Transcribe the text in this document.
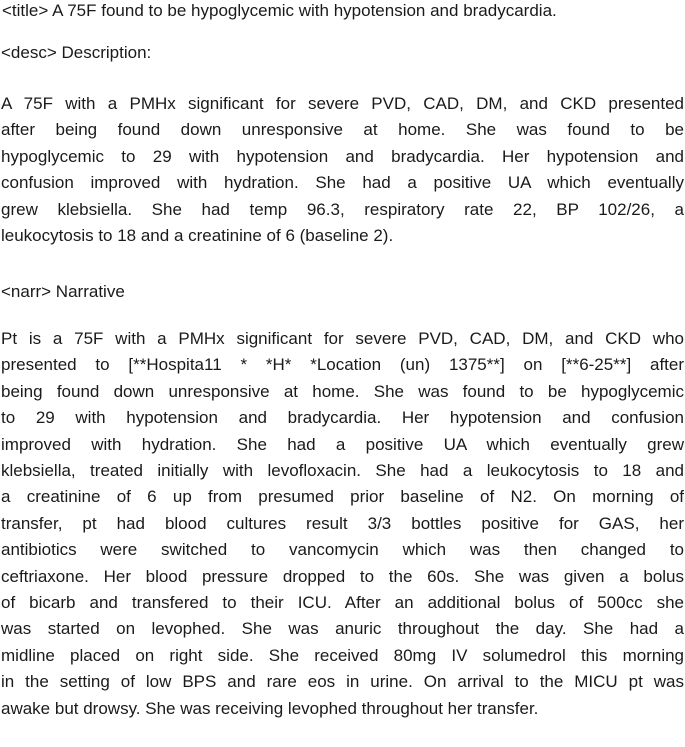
<title> A 75F found to be hypoglycemic with hypotension and bradycardia.

<desc> Description:

A 75F with a PMHx significant for severe PVD, CAD, DM, and CKD presented
after being found down unresponsive at home. She was found to be
hypoglycemic to 29 with hypotension and bradycardia. Her hypotension and
confusion improved with hydration. She had a positive UA which eventually
grew klebsiella. She had temp 96.3, respiratory rate 22, BP 102/26, a
leukocytosis to 18 and a creatinine of 6 (baseline 2).

<narr> Narrative

Pt is a 75F with a PMHx significant for severe PVD, CAD, DM, and CKD who
presented to [**Hospita11 * *H* *Location (un) 1375**] on [**6-25**] after
being found down unresponsive at home. She was found to be hypoglycemic
to 29 with hypotension and bradycardia. Her hypotension and confusion
improved with hydration. She had a positive UA which eventually grew
klebsiella, treated initially with levofloxacin. She had a leukocytosis to 18 and
a creatinine of 6 up from presumed prior baseline of N2. On morning of
transfer, pt had blood cultures result 3/3 bottles positive for GAS, her
antibiotics were switched to vancomycin which was then changed to
ceftriaxone. Her blood pressure dropped to the 60s. She was given a bolus
of bicarb and transfered to their ICU. After an additional bolus of 500cc she
was started on levophed. She was anuric throughout the day. She had a
midline placed on right side. She received 80mg IV solumedrol this morning
in the setting of low BPS and rare eos in urine. On arrival to the MICU pt was
awake but drowsy. She was receiving levophed throughout her transfer.
